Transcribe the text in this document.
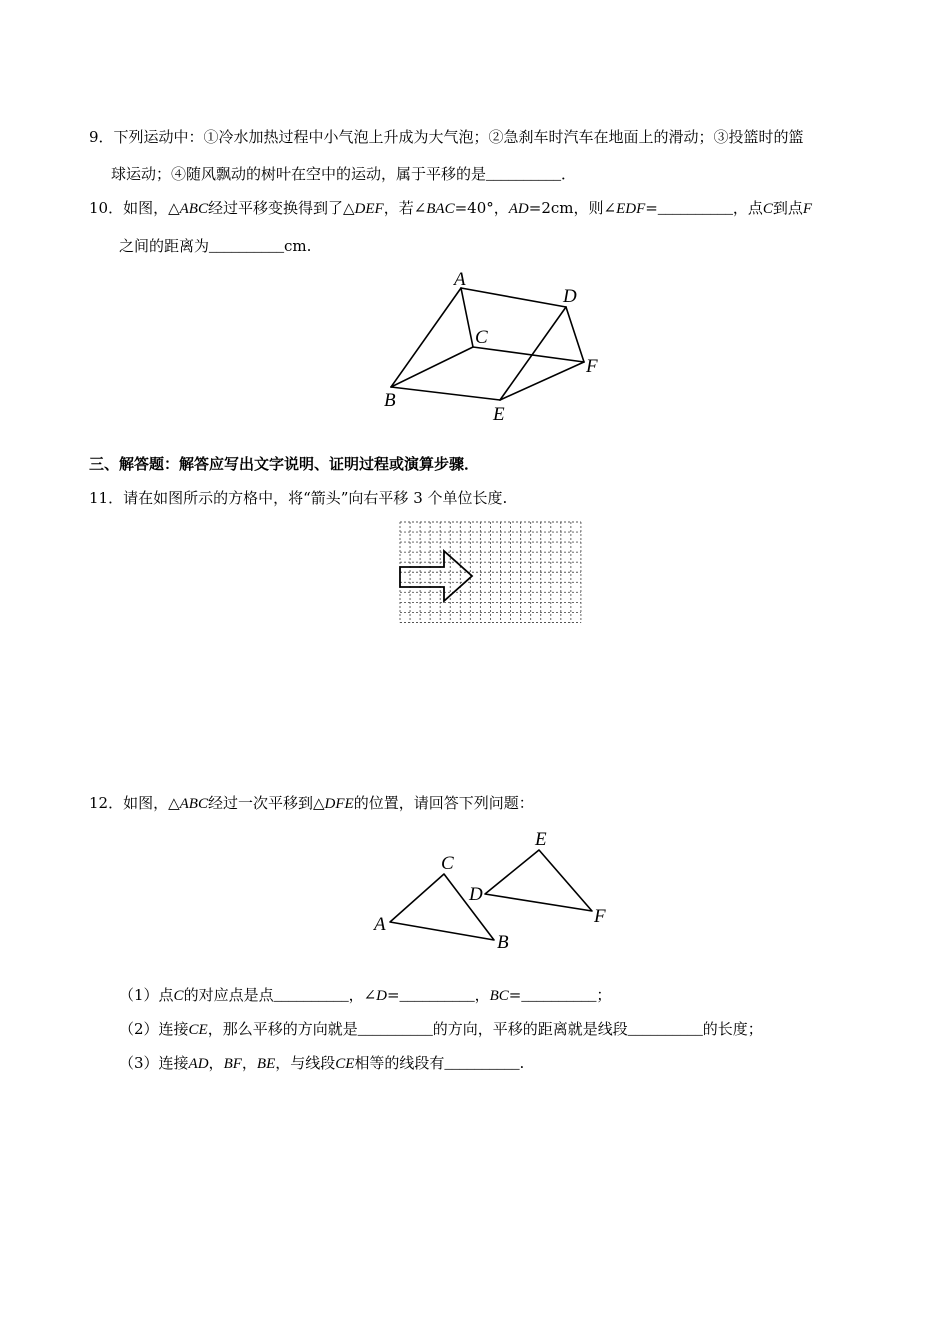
9．下列运动中：①冷水加热过程中小气泡上升成为大气泡；②急刹车时汽车在地面上的滑动；③投篮时的篮
球运动；④随风飘动的树叶在空中的运动，属于平移的是__________．
10．如图，△ABC经过平移变换得到了△DEF，若∠BAC=40°，AD=2cm，则∠EDF=__________，点C到点F
之间的距离为__________cm.
A
D
C
F
B
E
三、解答题：解答应写出文字说明、证明过程或演算步骤．
11．请在如图所示的方格中，将“箭头”向右平移 3 个单位长度.
12．如图，△ABC经过一次平移到△DFE的位置，请回答下列问题：
E
C
D
F
A
B
（1）点C的对应点是点__________，∠D=__________，BC=__________；
（2）连接CE，那么平移的方向就是__________的方向，平移的距离就是线段__________的长度；
（3）连接AD，BF，BE，与线段CE相等的线段有__________.
